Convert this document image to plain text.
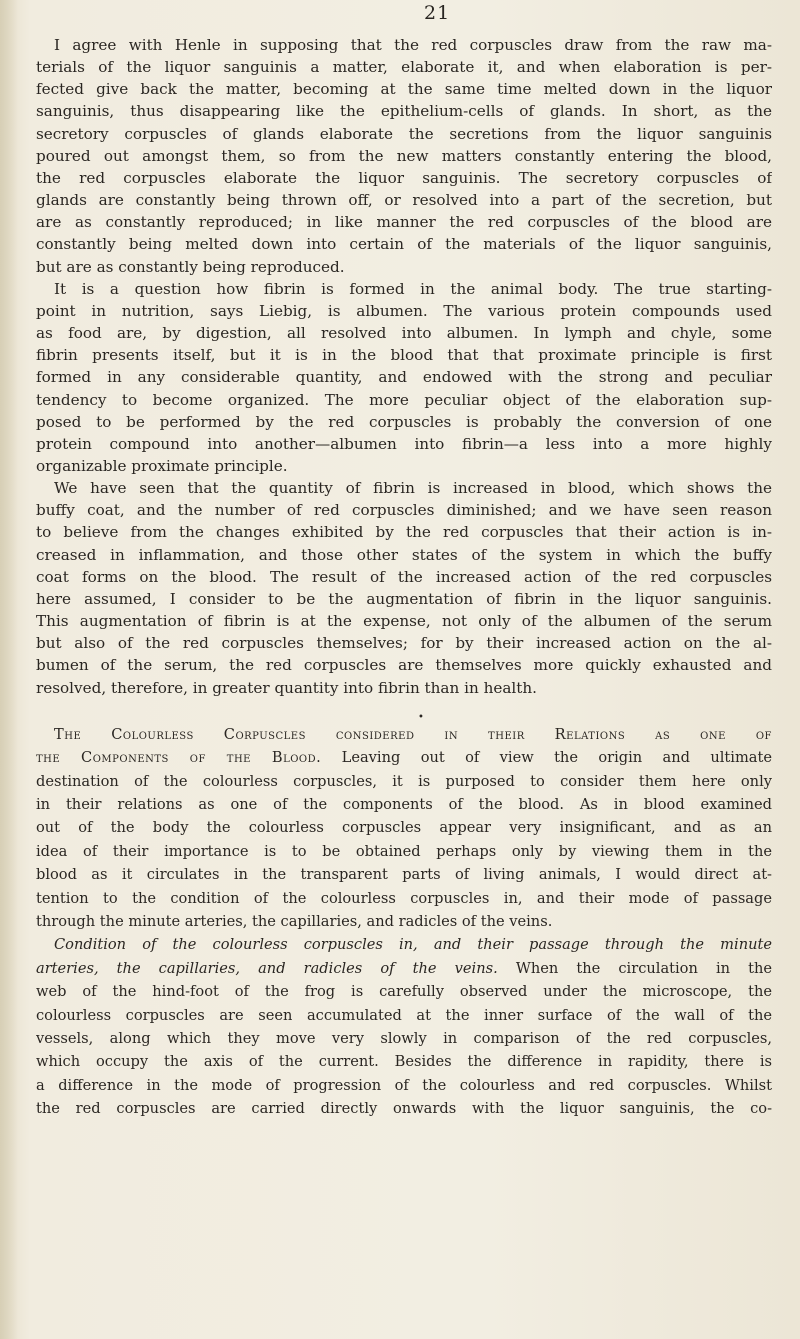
21
I agree with Henle in supposing that the red corpuscles draw from the raw ma-
terials of the liquor sanguinis a matter, elaborate it, and when elaboration is per-
fected give back the matter, becoming at the same time melted down in the liquor
sanguinis, thus disappearing like the epithelium-cells of glands. In short, as the
secretory corpuscles of glands elaborate the secretions from the liquor sanguinis
poured out amongst them, so from the new matters constantly entering the blood,
the red corpuscles elaborate the liquor sanguinis. The secretory corpuscles of
glands are constantly being thrown off, or resolved into a part of the secretion, but
are as constantly reproduced; in like manner the red corpuscles of the blood are
constantly being melted down into certain of the materials of the liquor sanguinis,
but are as constantly being reproduced.
It is a question how fibrin is formed in the animal body. The true starting-
point in nutrition, says Liebig, is albumen. The various protein compounds used
as food are, by digestion, all resolved into albumen. In lymph and chyle, some
fibrin presents itself, but it is in the blood that that proximate principle is first
formed in any considerable quantity, and endowed with the strong and peculiar
tendency to become organized. The more peculiar object of the elaboration sup-
posed to be performed by the red corpuscles is probably the conversion of one
protein compound into another—albumen into fibrin—a less into a more highly
organizable proximate principle.
We have seen that the quantity of fibrin is increased in blood, which shows the
buffy coat, and the number of red corpuscles diminished; and we have seen reason
to believe from the changes exhibited by the red corpuscles that their action is in-
creased in inflammation, and those other states of the system in which the buffy
coat forms on the blood. The result of the increased action of the red corpuscles
here assumed, I consider to be the augmentation of fibrin in the liquor sanguinis.
This augmentation of fibrin is at the expense, not only of the albumen of the serum
but also of the red corpuscles themselves; for by their increased action on the al-
bumen of the serum, the red corpuscles are themselves more quickly exhausted and
resolved, therefore, in greater quantity into fibrin than in health.
•
The Colourless Corpuscles considered in their Relations as one of
the Components of the Blood. Leaving out of view the origin and ultimate
destination of the colourless corpuscles, it is purposed to consider them here only
in their relations as one of the components of the blood. As in blood examined
out of the body the colourless corpuscles appear very insignificant, and as an
idea of their importance is to be obtained perhaps only by viewing them in the
blood as it circulates in the transparent parts of living animals, I would direct at-
tention to the condition of the colourless corpuscles in, and their mode of passage
through the minute arteries, the capillaries, and radicles of the veins.
Condition of the colourless corpuscles in, and their passage through the minute
arteries, the capillaries, and radicles of the veins. When the circulation in the
web of the hind-foot of the frog is carefully observed under the microscope, the
colourless corpuscles are seen accumulated at the inner surface of the wall of the
vessels, along which they move very slowly in comparison of the red corpuscles,
which occupy the axis of the current. Besides the difference in rapidity, there is
a difference in the mode of progression of the colourless and red corpuscles. Whilst
the red corpuscles are carried directly onwards with the liquor sanguinis, the co-
